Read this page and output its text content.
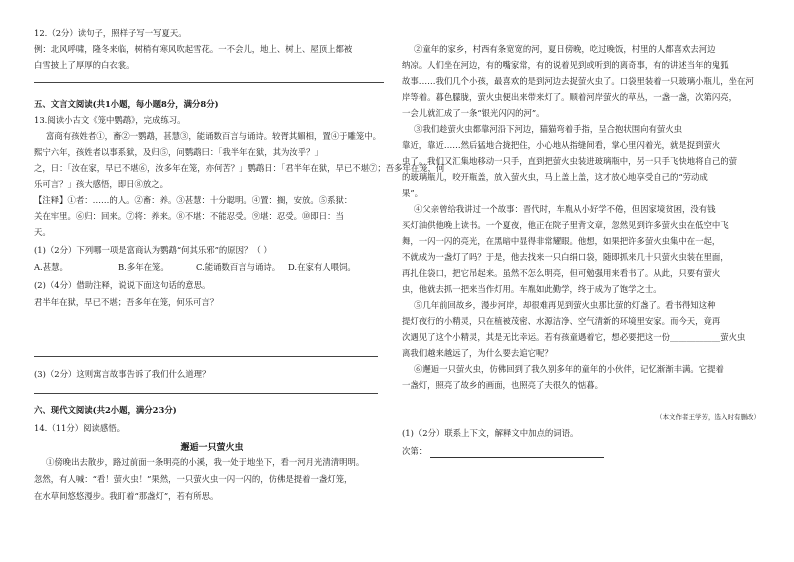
12.（2分）读句子，照样子写一写夏天。
例：北风呼啸，隆冬来临，树梢有寒风吹起雪花。一不会儿，地上、树上、屋顶上都被
白雪披上了厚厚的白衣裳。
五、文言文阅读(共1小题，每小题8分，满分8分)
13.阅读小古文《笼中鹦鹉》，完成练习。
富商有孩姓者①，畜②一鹦鹉，甚慧③，能诵数百言与诵诗。较胥其媚相，置④于雕笼中。
熙宁六年，孩姓者以事系狱，及归⑤，问鹦鹉曰：「我半年在狱，其为汝乎？」
之，日：「汝在家，早已不堪⑥，汝多年在笼，亦何苦？」鹦鹉日：「君半年在狱，早已不堪⑦；吾多年在笼，何
乐可言？」孩大感悟，即日⑧放之。
【注释】①者：……的人。②畜：养。③甚慧：十分聪明。④置：搁，安放。⑤系狱：
关在牢里。⑥归：回来。⑦将：养来。⑧不堪：不能忍受。⑨堪：忍受。⑩即日：当
天。
(1)（2分）下列哪一项是富商认为鹦鹉“何其乐邪”的原因？（ ）
A.甚慧。	B.多年在笼。	C.能诵数百言与诵诗。 D.在家有人喂饲。
(2)（4分）借助注释，说说下面这句话的意思。
君半年在狱，早已不堪；吾多年在笼，何乐可言？
(3)（2分）这则寓言故事告诉了我们什么道理？
六、现代文阅读(共2小题，满分23分)
14.（11分）阅读感悟。
邂逅一只萤火虫
①傍晚出去散步，路过前面一条明亮的小溪，我一处于地坐下，看一河月光清清明明。
忽然，有人喊：“看！萤火虫！”果然，一只萤火虫一闪一闪的，仿佛是提着一盏灯笼，
在水草间悠悠漫步。我盯着“那盏灯”，若有所思。
②童年的家乡，村西有条宽宽的河，夏日傍晚，吃过晚饭，村里的人都喜欢去河边
纳凉。人们坐在河边，有的嘴家常，有的说着见到或听到的离奇事，有的讲述当年的鬼狐
故事……我们几个小孩，最喜欢的是到河边去捉萤火虫了。口袋里装着一只玻璃小瓶儿，坐在河
岸等着。暮色朦胧，萤火虫便出来带来灯了。顺着河岸萤火的草丛，一盏一盏，次第闪亮，
一会儿就汇成了一条“银光闪闪的河”。
③我们趁萤火虫都靠河沿下河边，猫猫弯着手指，呈合抱状围向有萤火虫
靠近，靠近……然后猛地合拢把住，小心地从指缝间看，掌心里闪着光，就是捉到萤火
虫了。我们又汇集地移动一只手，直到把萤火虫装进玻璃瓶中，另一只手飞快地将自己的萤
的玻璃瓶儿，咬开瓶盖，放入萤火虫，马上盖上盖，这才放心地享受自己的“劳动成
果”。
④父亲曾给我讲过一个故事：晋代时，车胤从小好学不倦，但因家境贫困，没有钱
买灯油供他晚上读书。一个夏夜，他正在院子里背文章，忽然见到许多萤火虫在低空中飞
舞，一闪一闪的亮光，在黑暗中显得非常耀眼。他想，如果把许多萤火虫集中在一起，
不就成为一盏灯了吗？于是，他去找来一只白绢口袋，随即抓来几十只萤火虫装在里面，
再扎住袋口，把它吊起来。虽然不怎么明亮，但可勉强用来看书了。从此，只要有萤火
虫，他就去抓一把来当作灯用。车胤如此勤学，终于成为了饱学之士。
⑤几年前回故乡，漫步河岸，却很难再见到萤火虫那比萤的灯盏了。看书得知这种
提灯夜行的小精灵，只在植被茂密、水源洁净、空气清新的环境里安家。而今天，竟再
次遇见了这个小精灵，其是无比幸运。若有孩童遇着它，想必要把这一份____________萤火虫
离我们越来越远了，为什么要去追它呢？
⑥邂逅一只萤火虫，仿佛回到了我久别多年的童年的小伙伴，记忆渐渐丰满。它提着
一盏灯，照亮了故乡的画面，也照亮了夫很久的惦暮。
（本文作者王学芳，选入时有删改）
(1)（2分）联系上下文，解释文中加点的词语。
次第：
